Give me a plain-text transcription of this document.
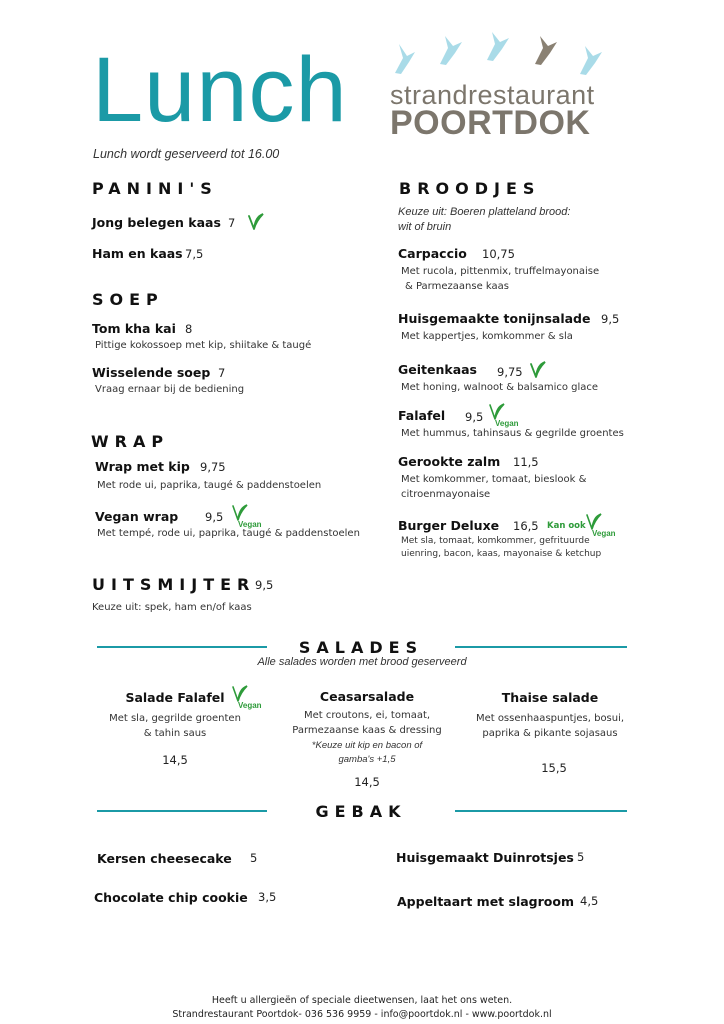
Lunch
Lunch wordt geserveerd tot 16.00
strandrestaurant
POORTDOK
PANINI'S
Jong belegen kaas 7
Ham en kaas 7,5
SOEP
Tom kha kai 8
Pittige kokossoep met kip, shiitake & taugé
Wisselende soep 7
Vraag ernaar bij de bediening
WRAP
Wrap met kip 9,75
Met rode ui, paprika, taugé & paddenstoelen
Vegan wrap 9,5
Vegan
Met tempé, rode ui, paprika, taugé & paddenstoelen
UITSMIJTER 9,5
Keuze uit: spek, ham en/of kaas
BROODJES
Keuze uit: Boeren platteland brood:
wit of bruin
Carpaccio 10,75
Met rucola, pittenmix, truffelmayonaise
& Parmezaanse kaas
Huisgemaakte tonijnsalade 9,5
Met kappertjes, komkommer & sla
Geitenkaas 9,75
Met honing, walnoot & balsamico glace
Falafel 9,5 Vegan
Met hummus, tahinsaus & gegrilde groentes
Gerookte zalm 11,5
Met komkommer, tomaat, bieslook &
citroenmayonaise
Burger Deluxe 16,5 Kan ook
Vegan
Met sla, tomaat, komkommer, gefrituurde
uienring, bacon, kaas, mayonaise & ketchup
SALADES
Alle salades worden met brood geserveerd
Salade Falafel
Vegan
Met sla, gegrilde groenten
& tahin saus
14,5
Ceasarsalade
Met croutons, ei, tomaat,
Parmezaanse kaas & dressing
*Keuze uit kip en bacon of
gamba's +1,5
14,5
Thaise salade
Met ossenhaaspuntjes, bosui,
paprika & pikante sojasaus
15,5
GEBAK
Kersen cheesecake 5
Chocolate chip cookie 3,5
Huisgemaakt Duinrotsjes 5
Appeltaart met slagroom 4,5
Heeft u allergieën of speciale dieetwensen, laat het ons weten.
Strandrestaurant Poortdok- 036 536 9959 - info@poortdok.nl - www.poortdok.nl
